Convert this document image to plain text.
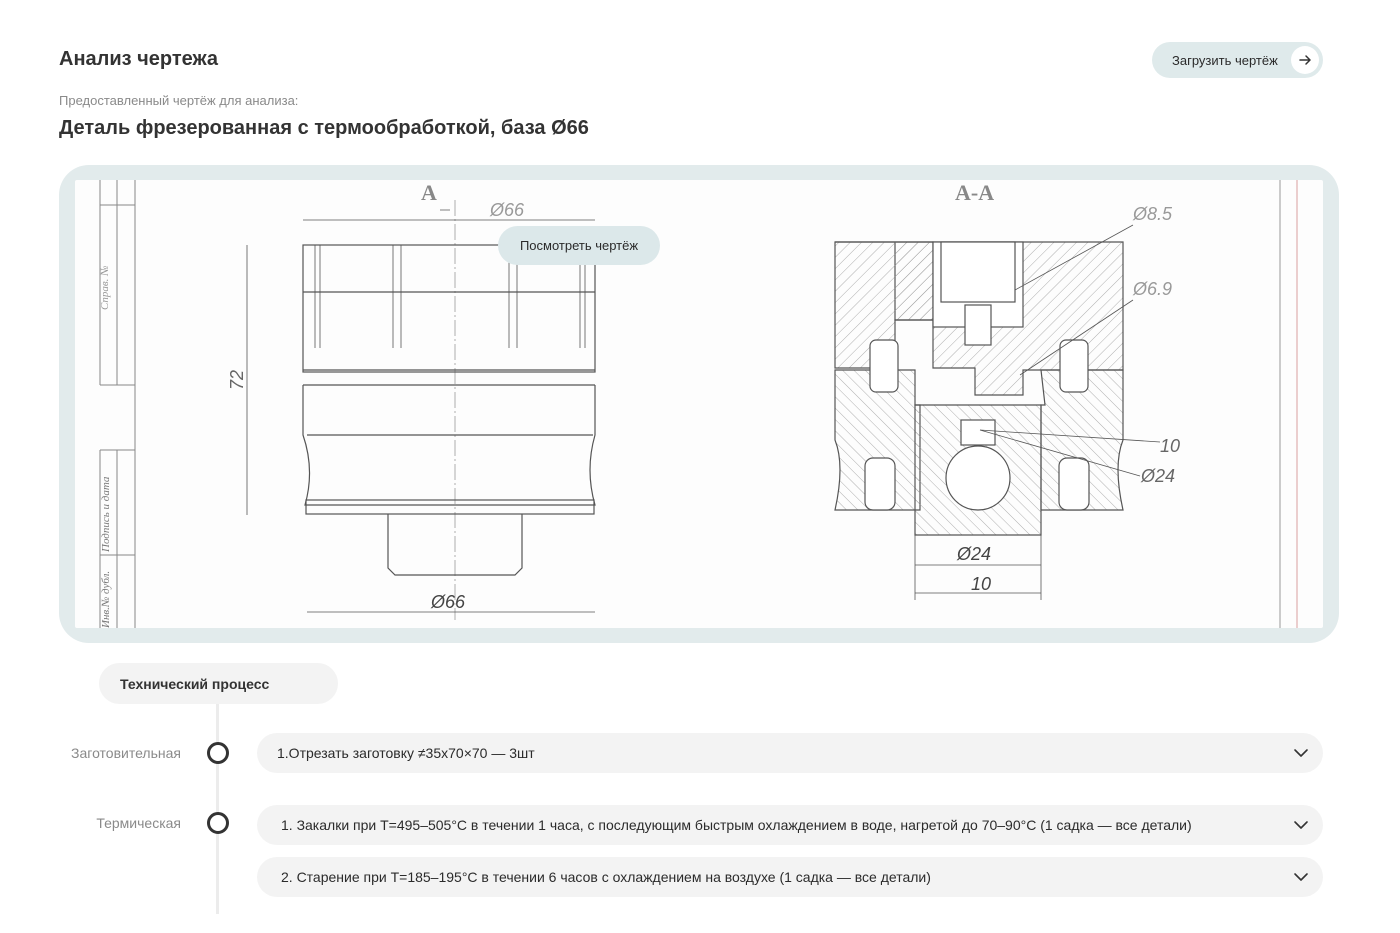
Анализ чертежа	Загрузить чертёж
Предоставленный чертёж для анализа:
Деталь фрезерованная с термообработкой, база Ø66
Справ. №
Подпись и дата
Инв.№ дубл.
A
Ø66
72
Ø66
A-A
Ø8.5
Ø6.9
10
Ø24
Ø24
10
Посмотреть чертёж
Технический процесс
Заготовительная	1.Отрезать заготовку ≠35х70×70 — 3шт
Термическая	1. Закалки при T=495–505°C в течении 1 часа, с последующим быстрым охлаждением в воде, нагретой до 70–90°C (1 садка — все детали)
2. Старение при T=185–195°C в течении 6 часов с охлаждением на воздухе (1 садка — все детали)
